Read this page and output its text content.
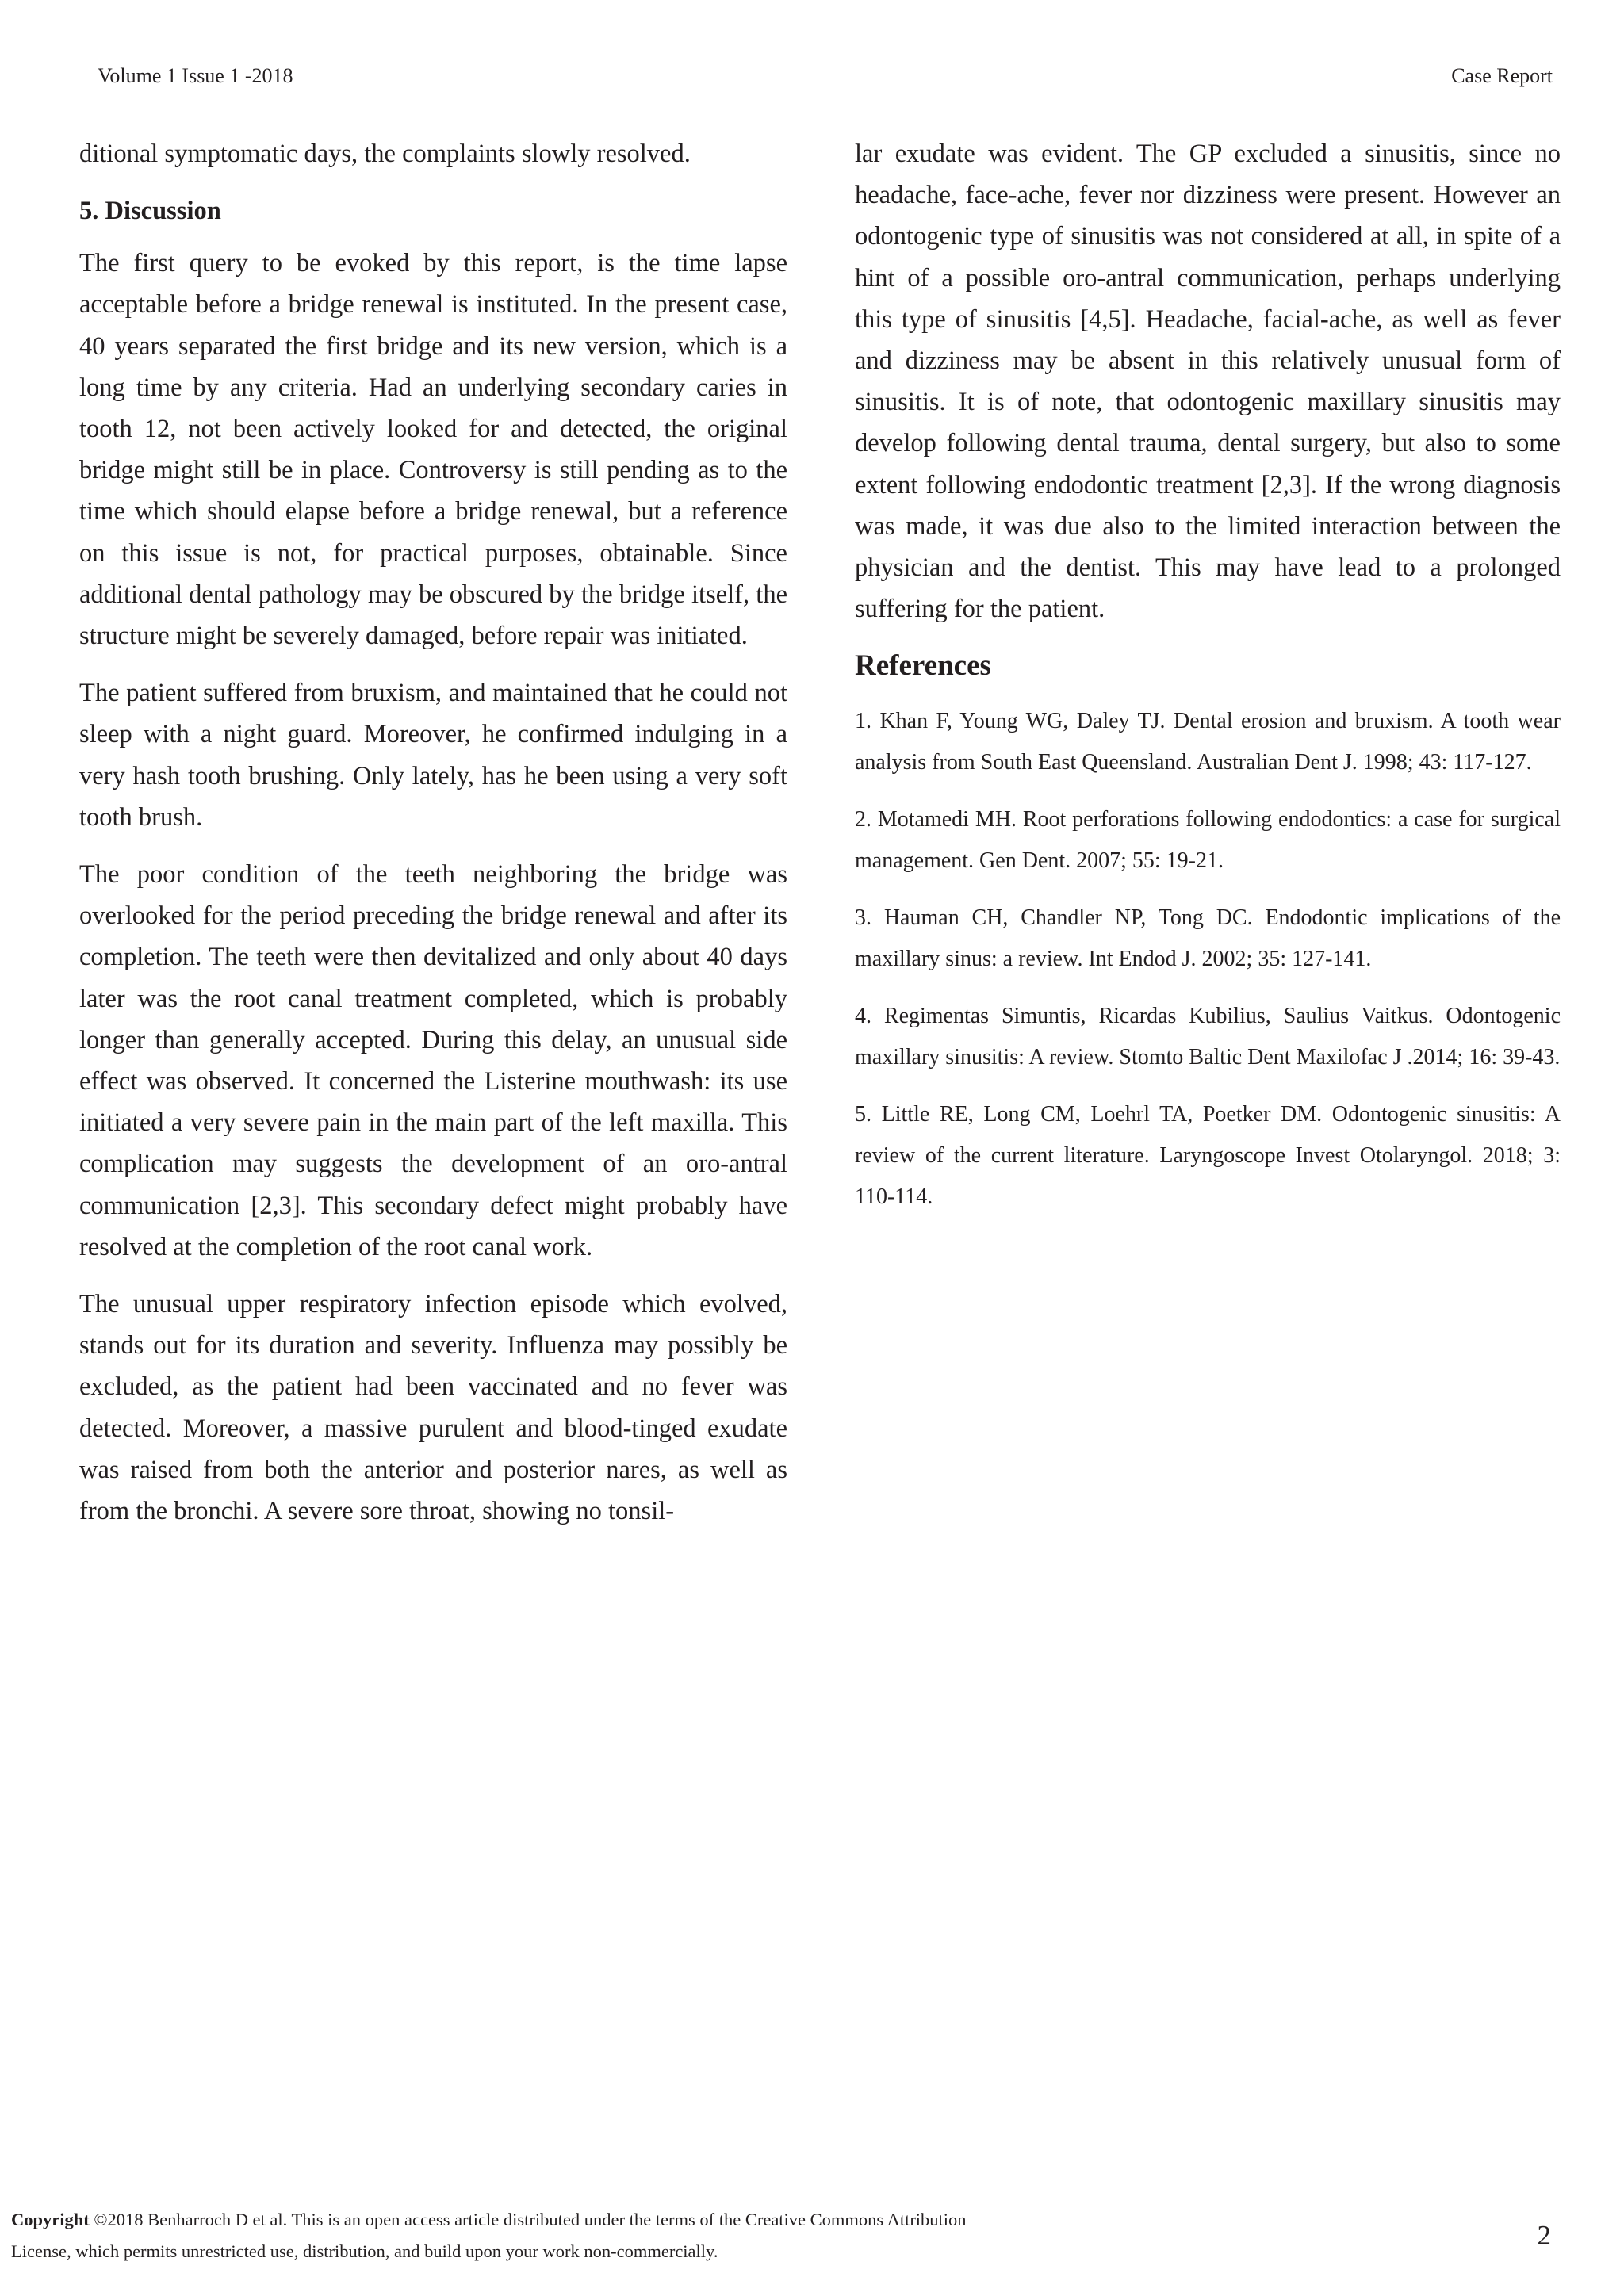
Volume 1 Issue 1 -2018	Case Report

ditional symptomatic days, the complaints slowly resolved.

5. Discussion

The first query to be evoked by this report, is the time lapse acceptable before a bridge renewal is instituted. In the present case, 40 years separated the first bridge and its new version, which is a long time by any criteria. Had an underlying secondary caries in tooth 12, not been actively looked for and detected, the original bridge might still be in place. Controversy is still pending as to the time which should elapse before a bridge renewal, but a reference on this issue is not, for practical purposes, obtainable. Since additional dental pathology may be obscured by the bridge itself, the structure might be severely damaged, before repair was initiated.

The patient suffered from bruxism, and maintained that he could not sleep with a night guard. Moreover, he confirmed indulging in a very hash tooth brushing. Only lately, has he been using a very soft tooth brush.

The poor condition of the teeth neighboring the bridge was overlooked for the period preceding the bridge renewal and after its completion. The teeth were then devitalized and only about 40 days later was the root canal treatment completed, which is probably longer than generally accepted. During this delay, an unusual side effect was observed. It concerned the Listerine mouthwash: its use initiated a very severe pain in the main part of the left maxilla. This complication may suggests the development of an oro-antral communication [2,3]. This secondary defect might probably have resolved at the completion of the root canal work.

The unusual upper respiratory infection episode which evolved, stands out for its duration and severity. Influenza may possibly be excluded, as the patient had been vaccinated and no fever was detected. Moreover, a massive purulent and blood-tinged exudate was raised from both the anterior and posterior nares, as well as from the bronchi. A severe sore throat, showing no tonsil-

lar exudate was evident. The GP excluded a sinusitis, since no headache, face-ache, fever nor dizziness were present. However an odontogenic type of sinusitis was not considered at all, in spite of a hint of a possible oro-antral communication, perhaps underlying this type of sinusitis [4,5]. Headache, facial-ache, as well as fever and dizziness may be absent in this relatively unusual form of sinusitis. It is of note, that odontogenic maxillary sinusitis may develop following dental trauma, dental surgery, but also to some extent following endodontic treatment [2,3]. If the wrong diagnosis was made, it was due also to the limited interaction between the physician and the dentist. This may have lead to a prolonged suffering for the patient.

References

1. Khan F, Young WG, Daley TJ. Dental erosion and bruxism. A tooth wear analysis from South East Queensland. Australian Dent J. 1998; 43: 117-127.

2. Motamedi MH. Root perforations following endodontics: a case for surgical management. Gen Dent. 2007; 55: 19-21.

3. Hauman CH, Chandler NP, Tong DC. Endodontic implications of the maxillary sinus: a review. Int Endod J. 2002; 35: 127-141.

4. Regimentas Simuntis, Ricardas Kubilius, Saulius Vaitkus. Odontogenic maxillary sinusitis: A review. Stomto Baltic Dent Maxilofac J .2014; 16: 39-43.

5. Little RE, Long CM, Loehrl TA, Poetker DM. Odontogenic sinusitis: A review of the current literature. Laryngoscope Invest Otolaryngol. 2018; 3: 110-114.

Copyright ©2018 Benharroch D et al. This is an open access article distributed under the terms of the Creative Commons Attribution
License, which permits unrestricted use, distribution, and build upon your work non-commercially.
2
